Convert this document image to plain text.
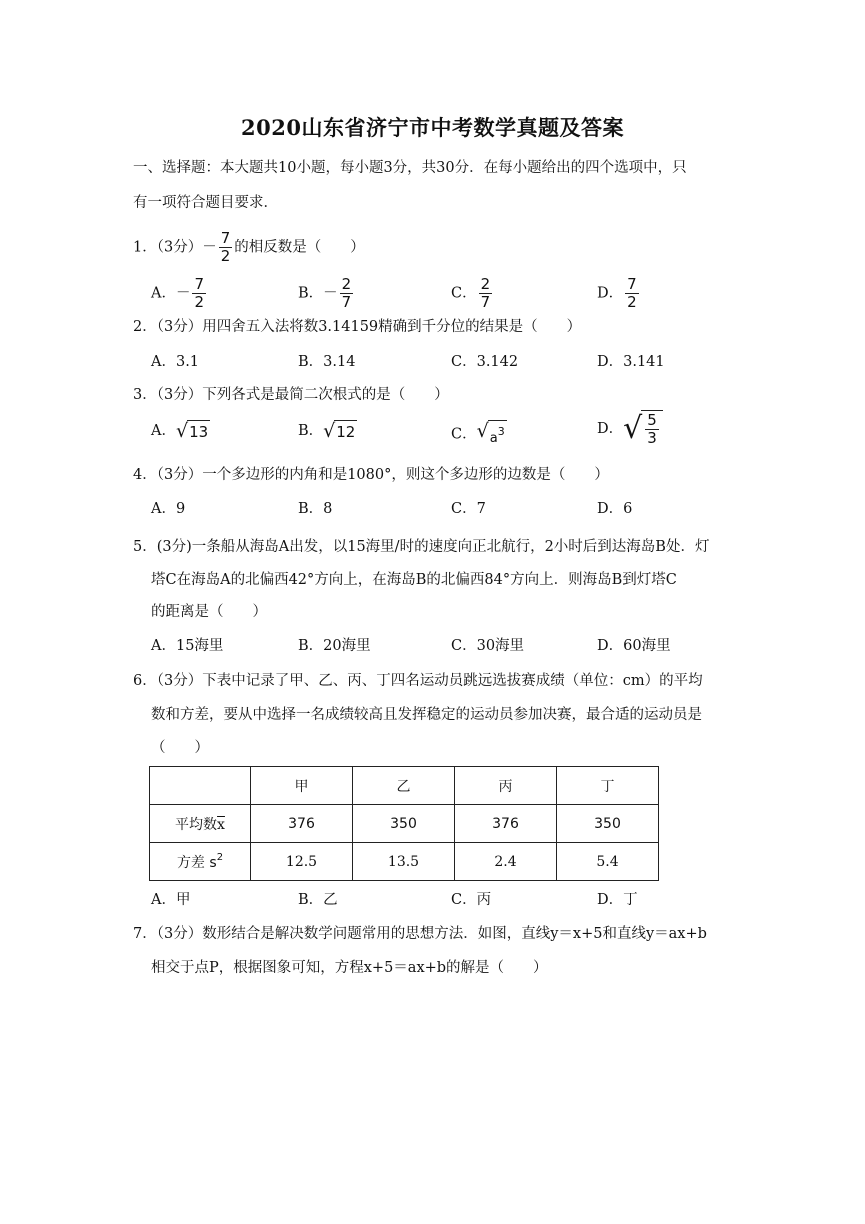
2020山东省济宁市中考数学真题及答案
一、选择题：本大题共10小题，每小题3分，共30分．在每小题给出的四个选项中，只
有一项符合题目要求．
1．（3分）－ $\frac{7}{2}$ 的相反数是（　　）
A．－ $\frac{7}{2}$	B．－ $\frac{2}{7}$	C． $\frac{2}{7}$	D． $\frac{7}{2}$
2．（3分）用四舍五入法将数3.14159精确到千分位的结果是（　　）
A．3.1	B．3.14	C．3.142	D．3.141
3．（3分）下列各式是最简二次根式的是（　　）
A． √ 13	B． √ 12	C． √ $a^3$	D． √ $\frac{5}{3}$
4．（3分）一个多边形的内角和是1080°，则这个多边形的边数是（　　）
A．9	B．8	C．7	D．6
5．(3分)一条船从海岛A出发，以15海里/时的速度向正北航行，2小时后到达海岛B处．灯
塔C在海岛A的北偏西42°方向上，在海岛B的北偏西84°方向上．则海岛B到灯塔C
的距离是（　　）
A．15海里	B．20海里	C．30海里	D．60海里
6．（3分）下表中记录了甲、乙、丙、丁四名运动员跳远选拔赛成绩（单位：cm）的平均
数和方差，要从中选择一名成绩较高且发挥稳定的运动员参加决赛，最合适的运动员是
（　　）
	甲	乙	丙	丁
平均数$\overline{x}$	376	350	376	350
方差 $s^2$	12.5	13.5	2.4	5.4
A．甲	B．乙	C．丙	D．丁
7．（3分）数形结合是解决数学问题常用的思想方法．如图，直线y＝x+5和直线y＝ax+b
相交于点P，根据图象可知，方程x+5＝ax+b的解是（　　）
